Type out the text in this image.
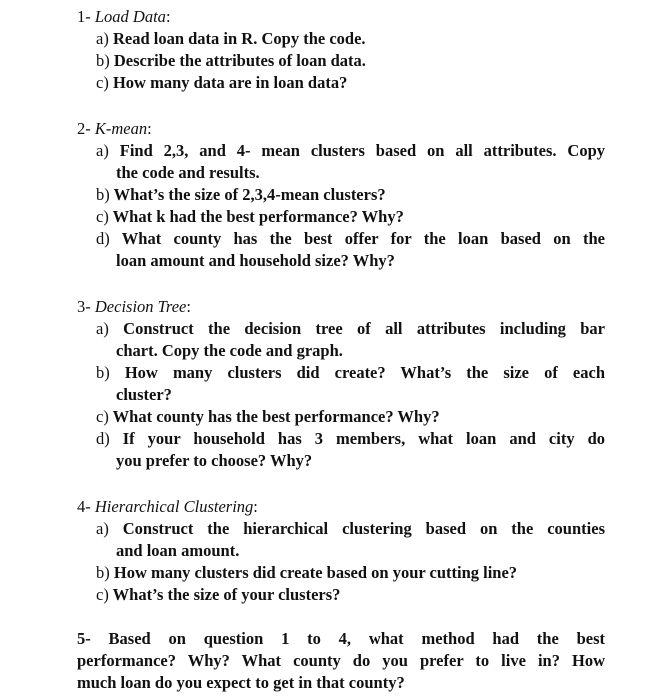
1- Load Data:
a) Read loan data in R. Copy the code.
b) Describe the attributes of loan data.
c) How many data are in loan data?
2- K-mean:
a) Find 2,3, and 4- mean clusters based on all attributes. Copy
the code and results.
b) What’s the size of 2,3,4-mean clusters?
c) What k had the best performance? Why?
d) What county has the best offer for the loan based on the
loan amount and household size? Why?
3- Decision Tree:
a) Construct the decision tree of all attributes including bar
chart. Copy the code and graph.
b) How many clusters did create? What’s the size of each
cluster?
c) What county has the best performance? Why?
d) If your household has 3 members, what loan and city do
you prefer to choose? Why?
4- Hierarchical Clustering:
a) Construct the hierarchical clustering based on the counties
and loan amount.
b) How many clusters did create based on your cutting line?
c) What’s the size of your clusters?
5- Based on question 1 to 4, what method had the best
performance? Why? What county do you prefer to live in? How
much loan do you expect to get in that county?
